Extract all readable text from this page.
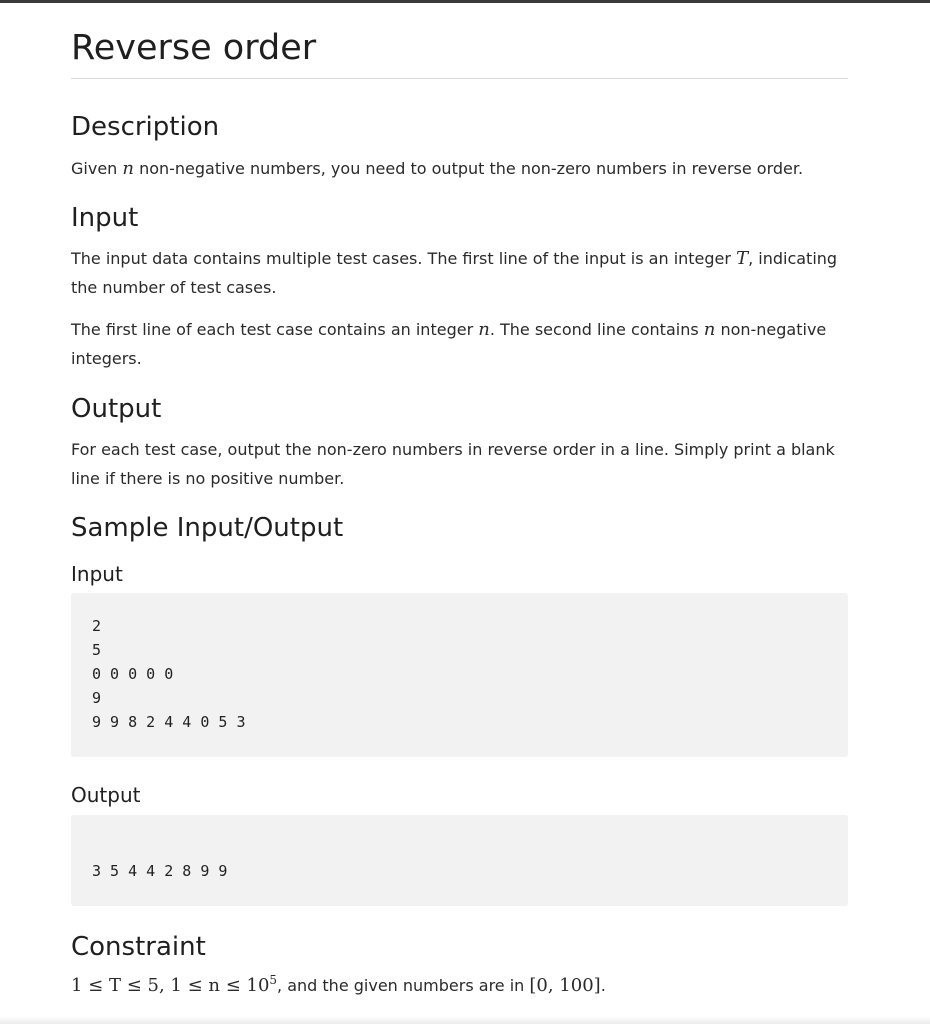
Reverse order
Description

Given n non-negative numbers, you need to output the non-zero numbers in reverse order.

Input

The input data contains multiple test cases. The first line of the input is an integer T, indicating the number of test cases.

The first line of each test case contains an integer n. The second line contains n non-negative integers.

Output

For each test case, output the non-zero numbers in reverse order in a line. Simply print a blank line if there is no positive number.

Sample Input/Output
Input
2
5
0 0 0 0 0
9
9 9 8 2 4 4 0 5 3
Output
3 5 4 4 2 8 9 9
Constraint

1 ≤ T ≤ 5, $1 \le n \le 10^5$, and the given numbers are in [0, 100].
